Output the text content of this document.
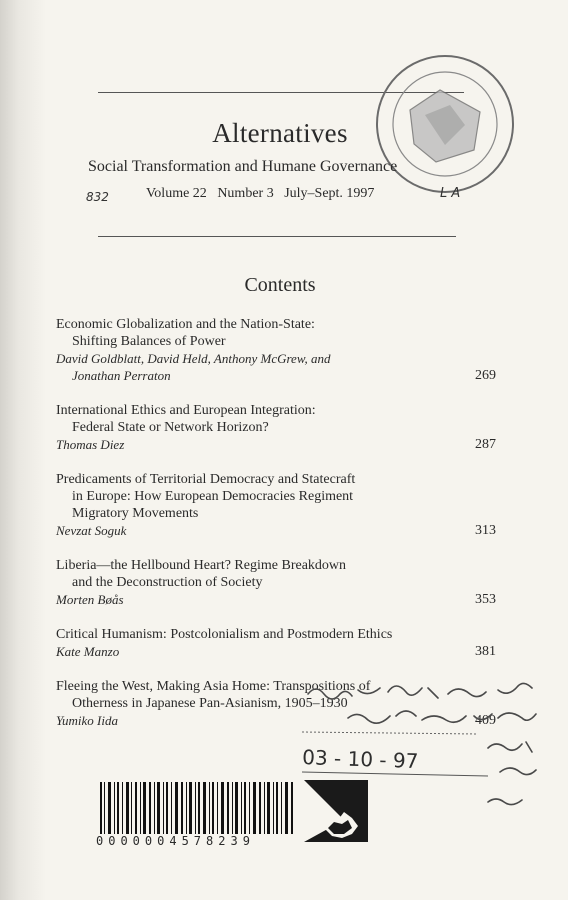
Alternatives

Social Transformation and Humane Governance

832	Volume 22 Number 3 July–Sept. 1997	L A
Contents
Economic Globalization and the Nation-State:
Shifting Balances of Power
David Goldblatt, David Held, Anthony McGrew, and
Jonathan Perraton	269
International Ethics and European Integration:
Federal State or Network Horizon?
Thomas Diez	287
Predicaments of Territorial Democracy and Statecraft
in Europe: How European Democracies Regiment
Migratory Movements
Nevzat Soguk	313
Liberia—the Hellbound Heart? Regime Breakdown
and the Deconstruction of Society
Morten Bøås	353
Critical Humanism: Postcolonialism and Postmodern Ethics
Kate Manzo	381
Fleeing the West, Making Asia Home: Transpositions of
Otherness in Japanese Pan-Asianism, 1905–1930
Yumiko Iida	409
03 - 10 - 97
0000004578239
